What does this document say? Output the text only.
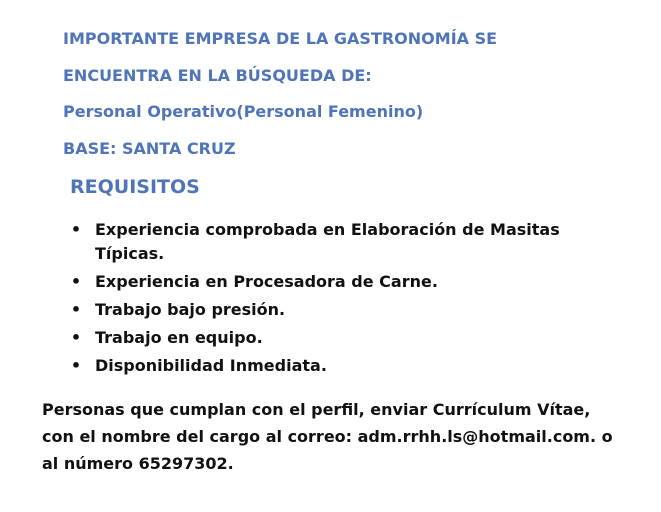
IMPORTANTE EMPRESA DE LA GASTRONOMÍA SE

ENCUENTRA EN LA BÚSQUEDA DE:

Personal Operativo(Personal Femenino)

BASE: SANTA CRUZ

REQUISITOS

• Experiencia comprobada en Elaboración de Masitas
Típicas.
• Experiencia en Procesadora de Carne.
• Trabajo bajo presión.
• Trabajo en equipo.
• Disponibilidad Inmediata.

Personas que cumplan con el perfil, enviar Currículum Vítae,
con el nombre del cargo al correo: adm.rrhh.ls@hotmail.com. o
al número 65297302.
